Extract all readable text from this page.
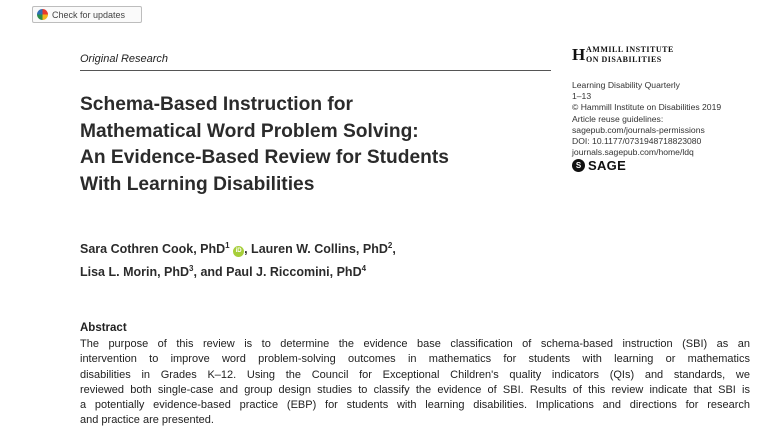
Check for updates
Original Research	H AMMILL INSTITUTE
ON DISABILITIES
Learning Disability Quarterly
1–13
© Hammill Institute on Disabilities 2019
Article reuse guidelines:
sagepub.com/journals-permissions
DOI: 10.1177/0731948718823080
journals.sagepub.com/home/ldq
S SAGE
Schema-Based Instruction for
Mathematical Word Problem Solving:
An Evidence-Based Review for Students
With Learning Disabilities
Sara Cothren Cook, PhD$^1$ iD , Lauren W. Collins, PhD$^2$,
Lisa L. Morin, PhD$^3$, and Paul J. Riccomini, PhD$^4$
Abstract
The purpose of this review is to determine the evidence base classification of schema-based instruction (SBI) as an
intervention to improve word problem-solving outcomes in mathematics for students with learning or mathematics
disabilities in Grades K–12. Using the Council for Exceptional Children's quality indicators (QIs) and standards, we
reviewed both single-case and group design studies to classify the evidence of SBI. Results of this review indicate that SBI is
a potentially evidence-based practice (EBP) for students with learning disabilities. Implications and directions for research
and practice are presented.
